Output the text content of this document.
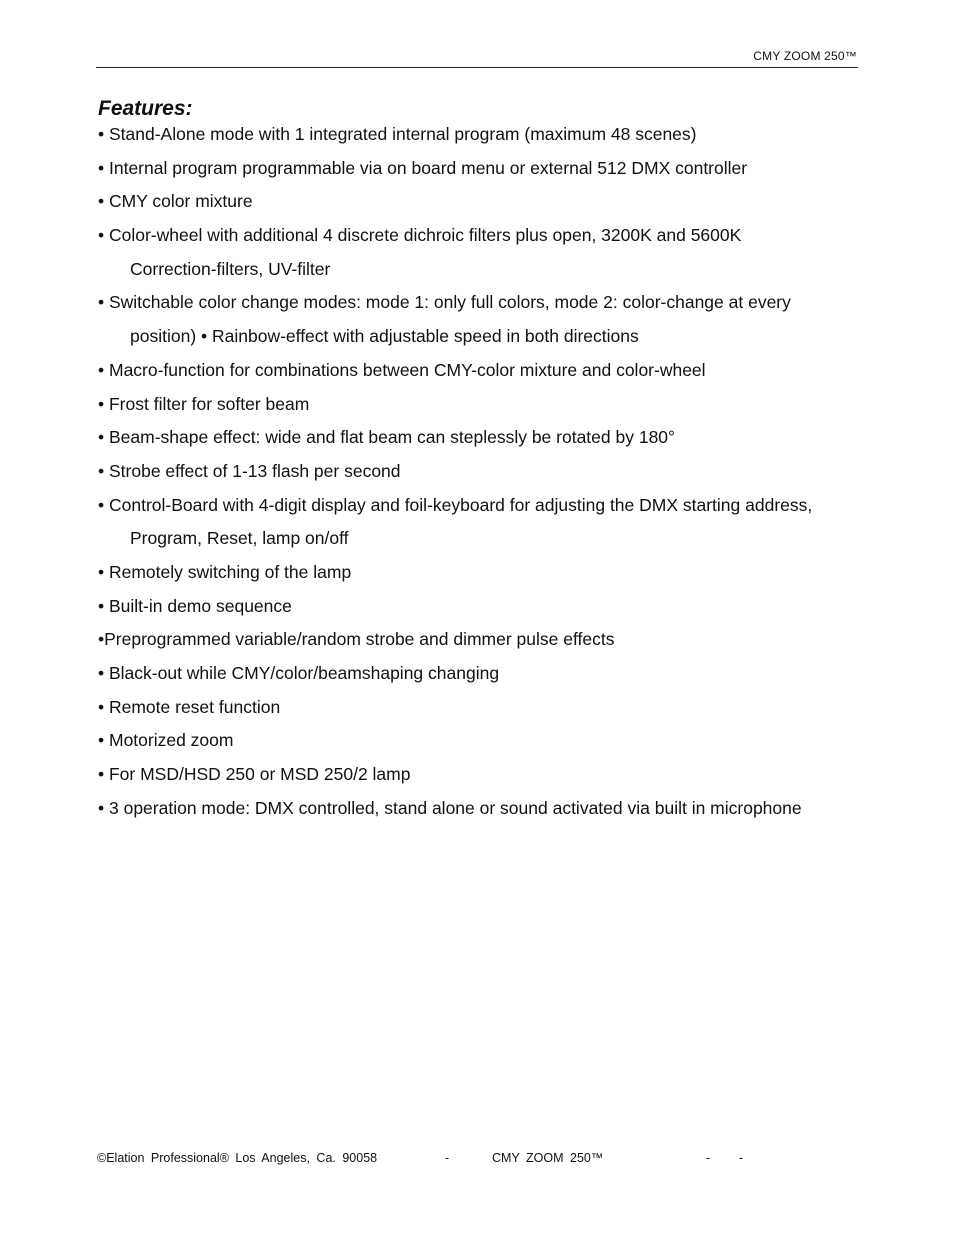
CMY ZOOM 250™
Features:
• Stand-Alone mode with 1 integrated internal program (maximum 48 scenes)
• Internal program programmable via on board menu or external 512 DMX controller
• CMY color mixture
• Color-wheel with additional 4 discrete dichroic filters plus open, 3200K and 5600K
Correction-filters, UV-filter
• Switchable color change modes: mode 1: only full colors, mode 2: color-change at every
position) • Rainbow-effect with adjustable speed in both directions
• Macro-function for combinations between CMY-color mixture and color-wheel
• Frost filter for softer beam
• Beam-shape effect: wide and flat beam can steplessly be rotated by 180°
• Strobe effect of 1-13 flash per second
• Control-Board with 4-digit display and foil-keyboard for adjusting the DMX starting address,
Program, Reset, lamp on/off
• Remotely switching of the lamp
• Built-in demo sequence
•Preprogrammed variable/random strobe and dimmer pulse effects
• Black-out while CMY/color/beamshaping changing
• Remote reset function
• Motorized zoom
• For MSD/HSD 250 or MSD 250/2 lamp
• 3 operation mode: DMX controlled, stand alone or sound activated via built in microphone
©Elation Professional® Los Angeles, Ca. 90058	-	CMY ZOOM 250™	- -
